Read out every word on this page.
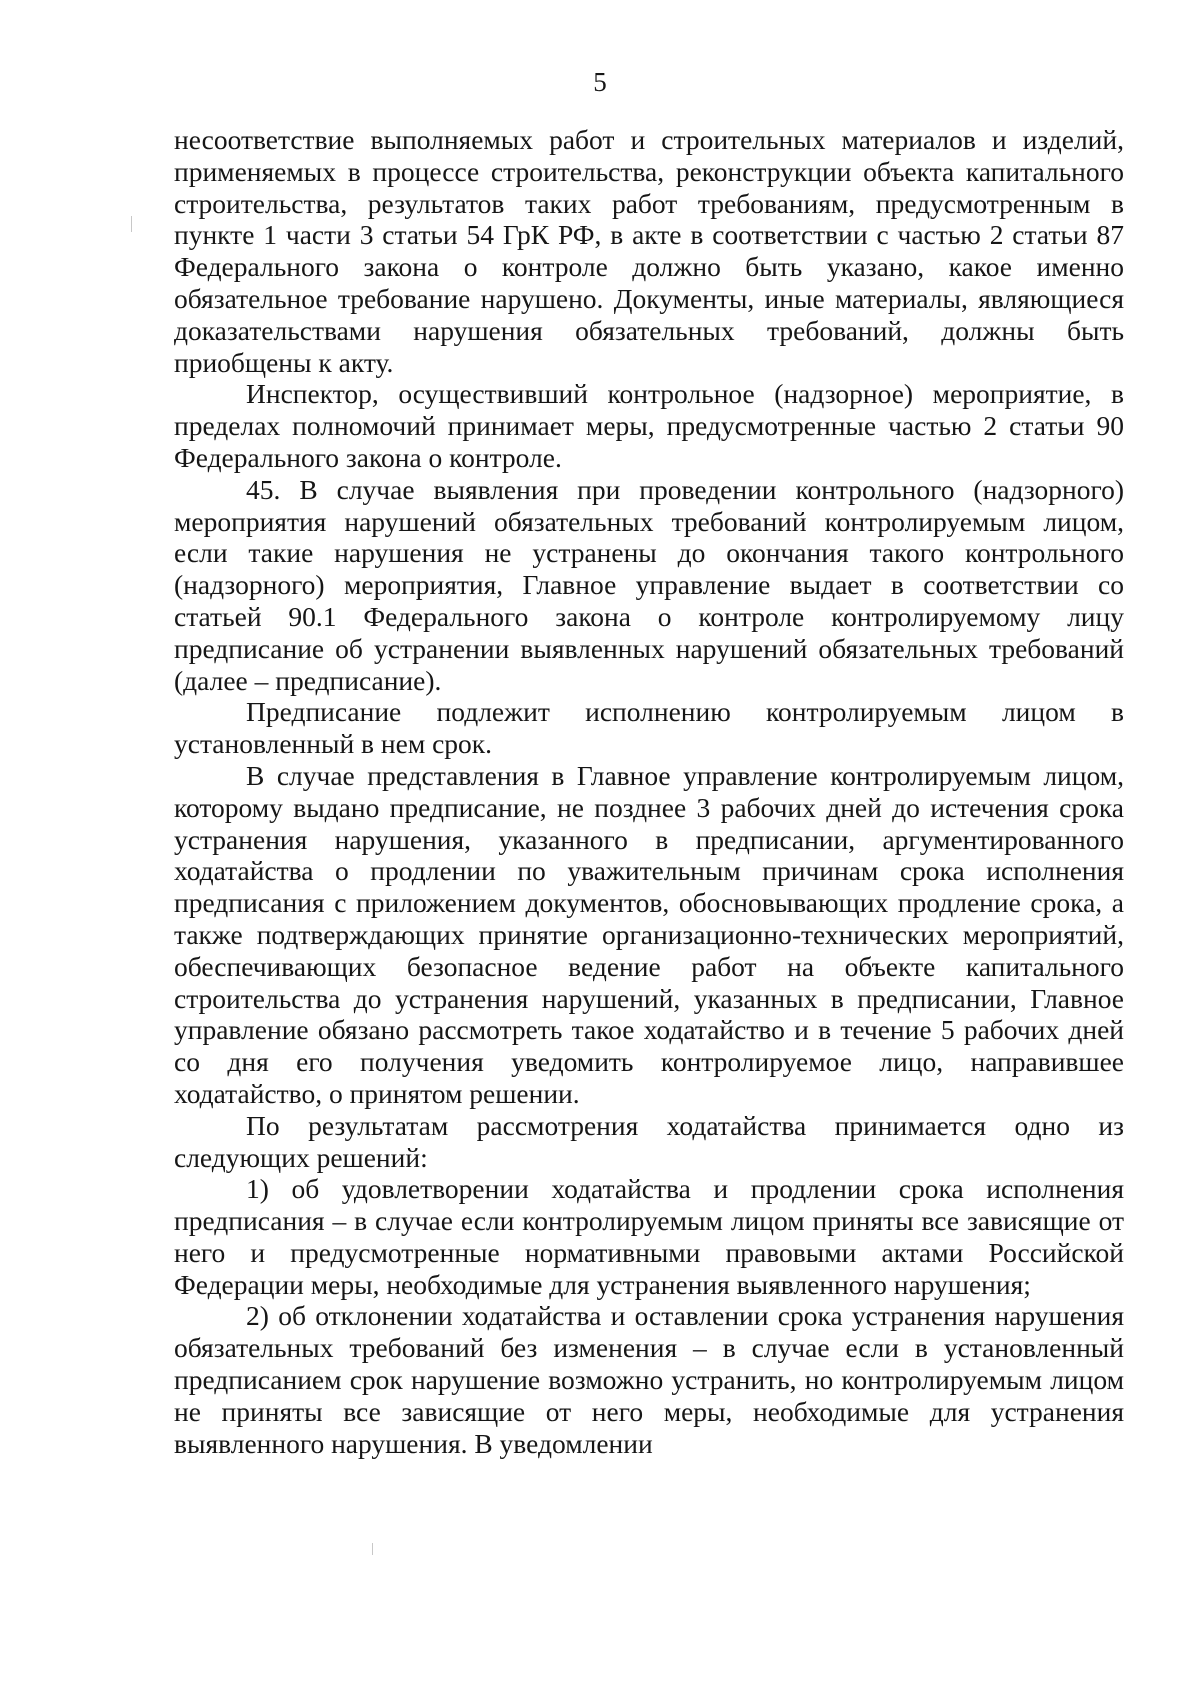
5

несоответствие выполняемых работ и строительных материалов и изделий, применяемых в процессе строительства, реконструкции объекта капитального строительства, результатов таких работ требованиям, предусмотренным в пункте 1 части 3 статьи 54 ГрК РФ, в акте в соответствии с частью 2 статьи 87 Федерального закона о контроле должно быть указано, какое именно обязательное требование нарушено. Документы, иные материалы, являющиеся доказательствами нарушения обязательных требований, должны быть приобщены к акту.

Инспектор, осуществивший контрольное (надзорное) мероприятие, в пределах полномочий принимает меры, предусмотренные частью 2 статьи 90 Федерального закона о контроле.

45. В случае выявления при проведении контрольного (надзорного) мероприятия нарушений обязательных требований контролируемым лицом, если такие нарушения не устранены до окончания такого контрольного (надзорного) мероприятия, Главное управление выдает в соответствии со статьей 90.1 Федерального закона о контроле контролируемому лицу предписание об устранении выявленных нарушений обязательных требований (далее – предписание).

Предписание подлежит исполнению контролируемым лицом в установленный в нем срок.

В случае представления в Главное управление контролируемым лицом, которому выдано предписание, не позднее 3 рабочих дней до истечения срока устранения нарушения, указанного в предписании, аргументированного ходатайства о продлении по уважительным причинам срока исполнения предписания с приложением документов, обосновывающих продление срока, а также подтверждающих принятие организационно-технических мероприятий, обеспечивающих безопасное ведение работ на объекте капитального строительства до устранения нарушений, указанных в предписании, Главное управление обязано рассмотреть такое ходатайство и в течение 5 рабочих дней со дня его получения уведомить контролируемое лицо, направившее ходатайство, о принятом решении.

По результатам рассмотрения ходатайства принимается одно из следующих решений:

1) об удовлетворении ходатайства и продлении срока исполнения предписания – в случае если контролируемым лицом приняты все зависящие от него и предусмотренные нормативными правовыми актами Российской Федерации меры, необходимые для устранения выявленного нарушения;

2) об отклонении ходатайства и оставлении срока устранения нарушения обязательных требований без изменения – в случае если в установленный предписанием срок нарушение возможно устранить, но контролируемым лицом не приняты все зависящие от него меры, необходимые для устранения выявленного нарушения. В уведомлении
